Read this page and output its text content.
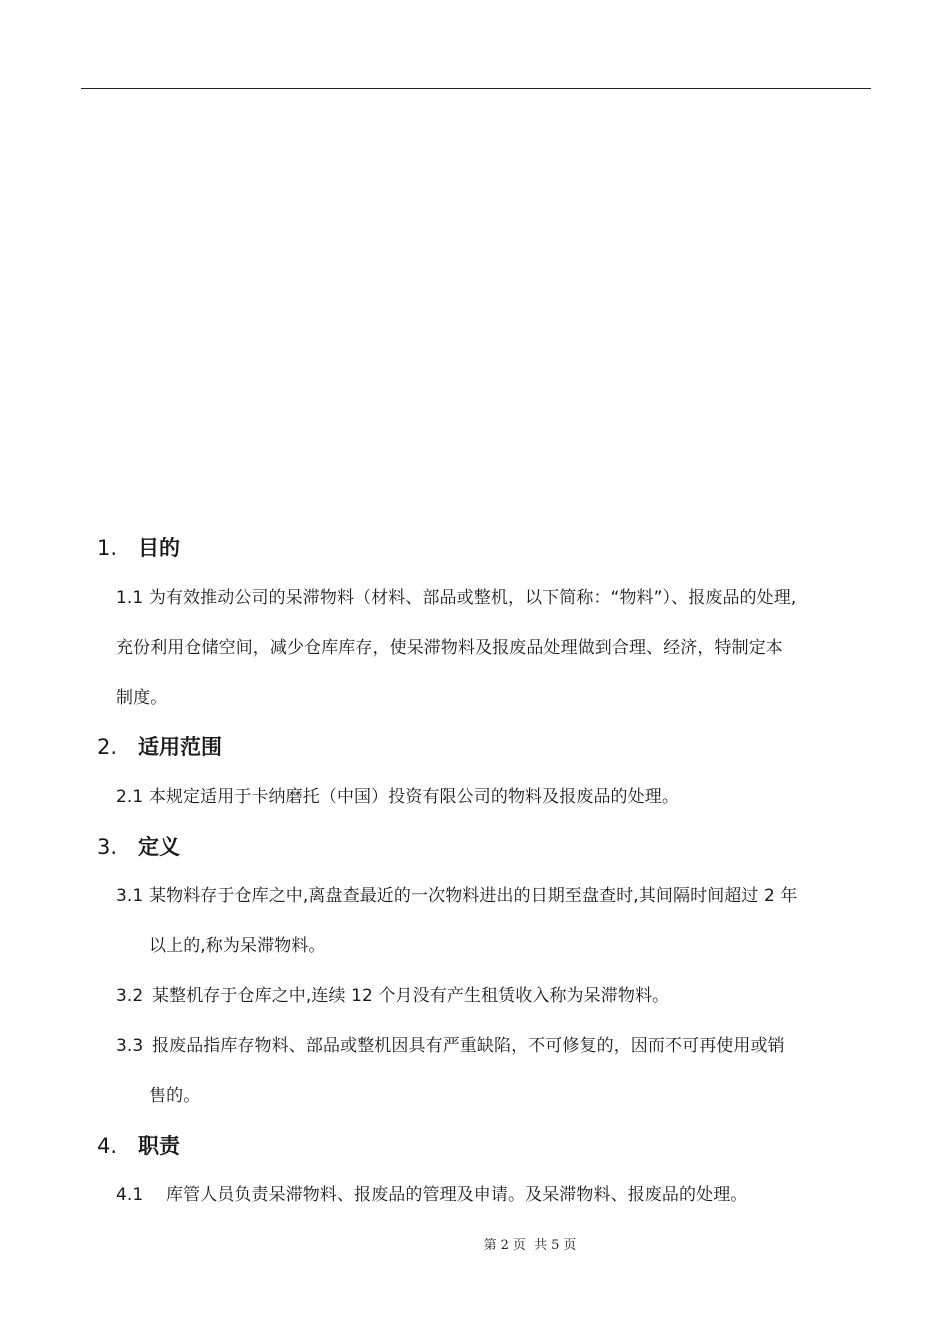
1. 目的
1.1 为有效推动公司的呆滞物料（材料、部品或整机，以下简称：“物料”）、报废品的处理,
充份利用仓储空间，减少仓库库存，使呆滞物料及报废品处理做到合理、经济，特制定本
制度。
2. 适用范围
2.1 本规定适用于卡纳磨托（中国）投资有限公司的物料及报废品的处理。
3. 定义
3.1 某物料存于仓库之中,离盘查最近的一次物料进出的日期至盘查时,其间隔时间超过 2 年
以上的,称为呆滞物料。
3.2 某整机存于仓库之中,连续 12 个月没有产生租赁收入称为呆滞物料。
3.3 报废品指库存物料、部品或整机因具有严重缺陷，不可修复的，因而不可再使用或销
售的。
4. 职责
4.1 库管人员负责呆滞物料、报废品的管理及申请。及呆滞物料、报废品的处理。
第 2 页 共 5 页
